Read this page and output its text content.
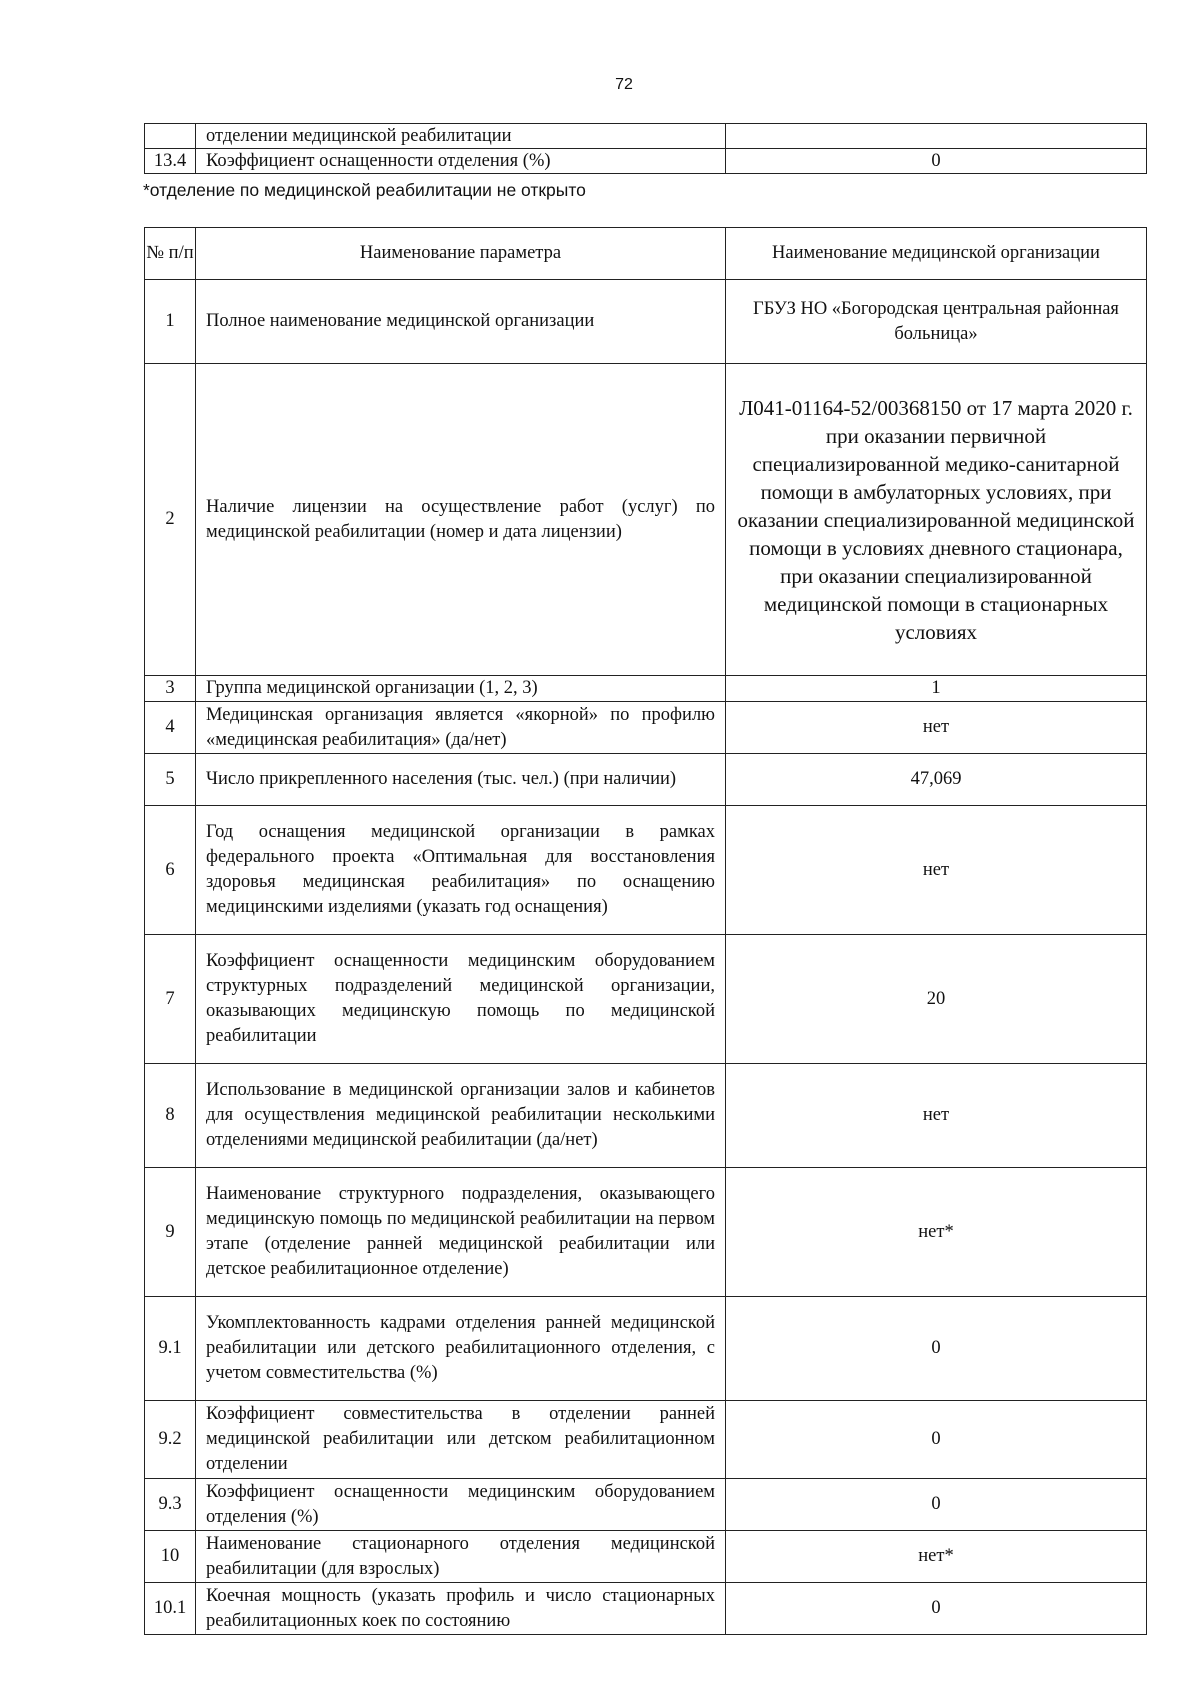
72
	отделении медицинской реабилитации	
13.4	Коэффициент оснащенности отделения (%)	0
*отделение по медицинской реабилитации не открыто
№ п/п	Наименование параметра	Наименование медицинской организации
1	Полное наименование медицинской организации	ГБУЗ НО «Богородская центральная районная больница»
2	Наличие лицензии на осуществление работ (услуг) по медицинской реабилитации (номер и дата лицензии)	Л041-01164-52/00368150 от 17 марта 2020 г. при оказании первичной специализированной медико-санитарной помощи в амбулаторных условиях, при оказании специализированной медицинской помощи в условиях дневного стационара, при оказании специализированной медицинской помощи в стационарных условиях
3	Группа медицинской организации (1, 2, 3)	1
4	Медицинская организация является «якорной» по профилю «медицинская реабилитация» (да/нет)	нет
5	Число прикрепленного населения (тыс. чел.) (при наличии)	47,069
6	Год оснащения медицинской организации в рамках федерального проекта «Оптимальная для восстановления здоровья медицинская реабилитация» по оснащению медицинскими изделиями (указать год оснащения)	нет
7	Коэффициент оснащенности медицинским оборудованием структурных подразделений медицинской организации, оказывающих медицинскую помощь по медицинской реабилитации	20
8	Использование в медицинской организации залов и кабинетов для осуществления медицинской реабилитации несколькими отделениями медицинской реабилитации (да/нет)	нет
9	Наименование структурного подразделения, оказывающего медицинскую помощь по медицинской реабилитации на первом этапе (отделение ранней медицинской реабилитации или детское реабилитационное отделение)	нет*
9.1	Укомплектованность кадрами отделения ранней медицинской реабилитации или детского реабилитационного отделения, с учетом совместительства (%)	0
9.2	Коэффициент совместительства в отделении ранней медицинской реабилитации или детском реабилитационном отделении	0
9.3	Коэффициент оснащенности медицинским оборудованием отделения (%)	0
10	Наименование стационарного отделения медицинской реабилитации (для взрослых)	нет*
10.1	Коечная мощность (указать профиль и число стационарных реабилитационных коек по состоянию	0
